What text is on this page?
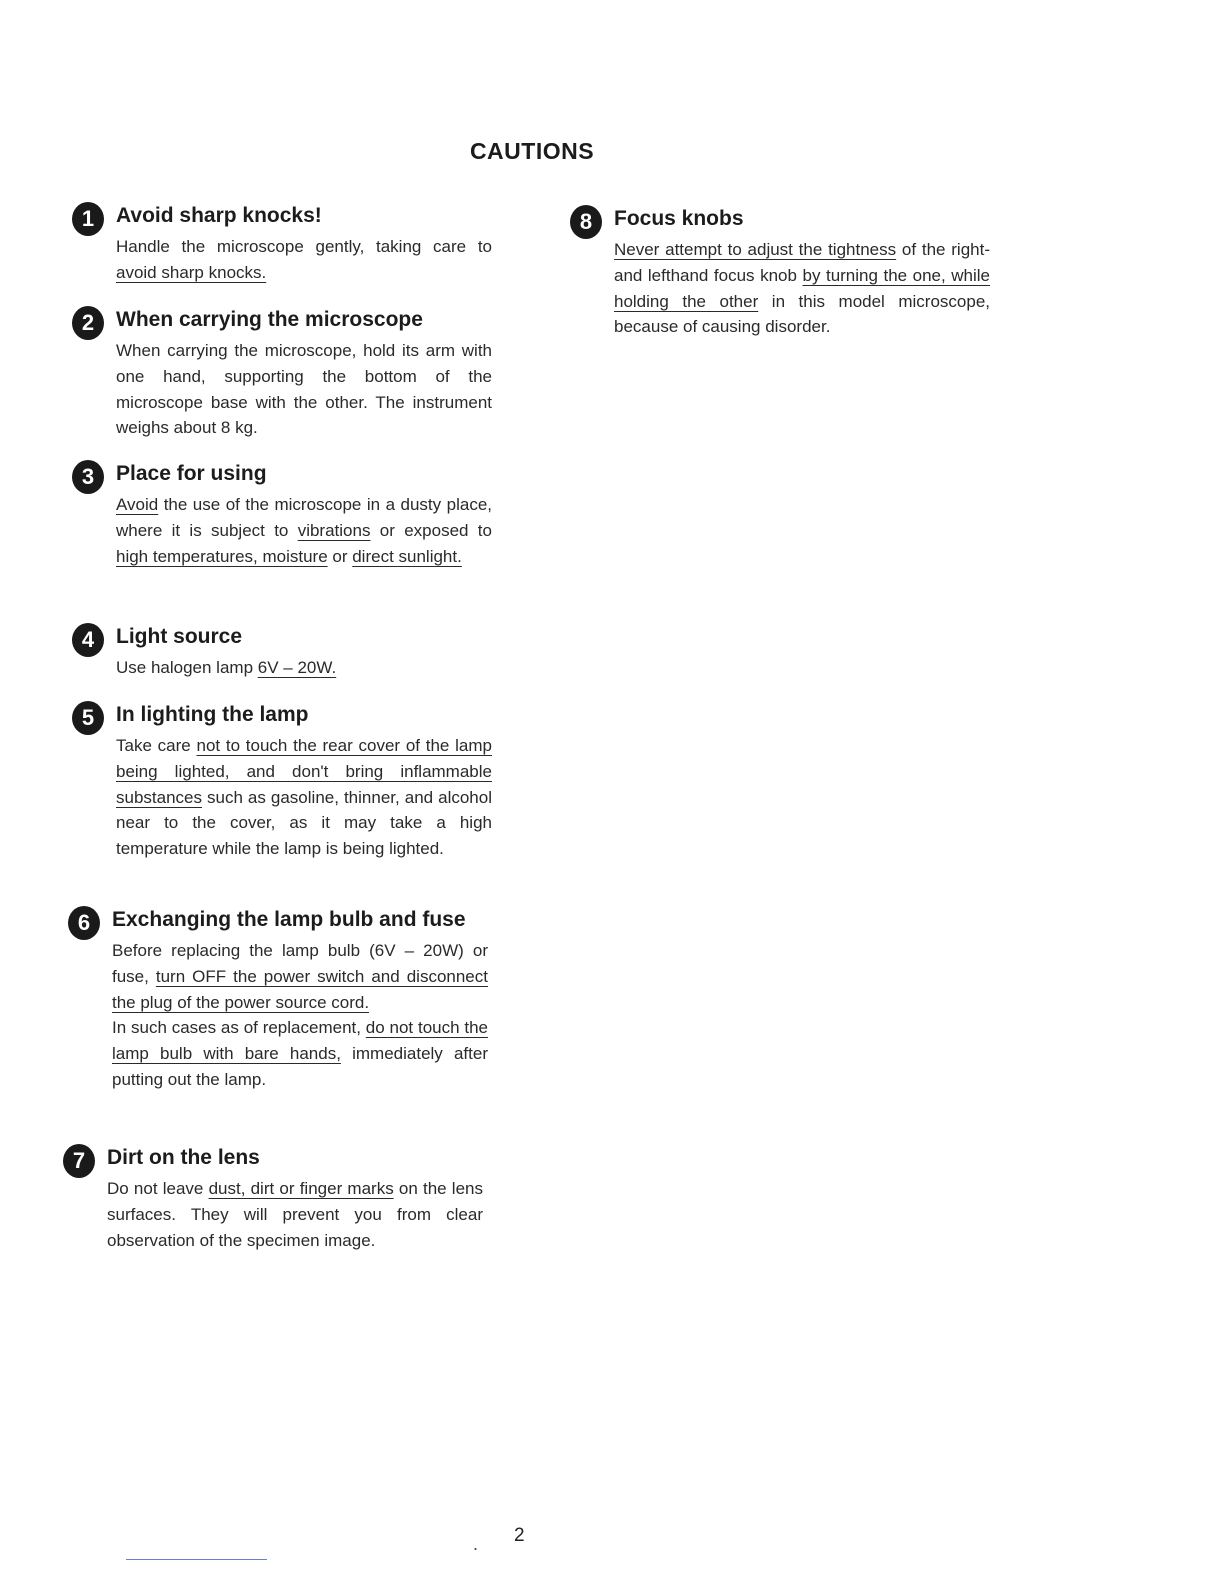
CAUTIONS
1	Avoid sharp knocks!

Handle the microscope gently, taking care to avoid sharp knocks.

2	When carrying the microscope

When carrying the microscope, hold its arm with one hand, supporting the bottom of the microscope base with the other. The instrument weighs about 8 kg.

3	Place for using

Avoid the use of the microscope in a dusty place, where it is subject to vibrations or exposed to high temperatures, moisture or direct sunlight.

4	Light source

Use halogen lamp 6V – 20W.

5	In lighting the lamp

Take care not to touch the rear cover of the lamp being lighted, and don't bring inflammable substances such as gasoline, thinner, and alcohol near to the cover, as it may take a high temperature while the lamp is being lighted.

6	Exchanging the lamp bulb and fuse

Before replacing the lamp bulb (6V – 20W) or fuse, turn OFF the power switch and disconnect the plug of the power source cord.

In such cases as of replacement, do not touch the lamp bulb with bare hands, immediately after putting out the lamp.

7	Dirt on the lens

Do not leave dust, dirt or finger marks on the lens surfaces. They will prevent you from clear observation of the specimen image.

8	Focus knobs

Never attempt to adjust the tightness of the right- and lefthand focus knob by turning the one, while holding the other in this model microscope, because of causing disorder.

. 2
